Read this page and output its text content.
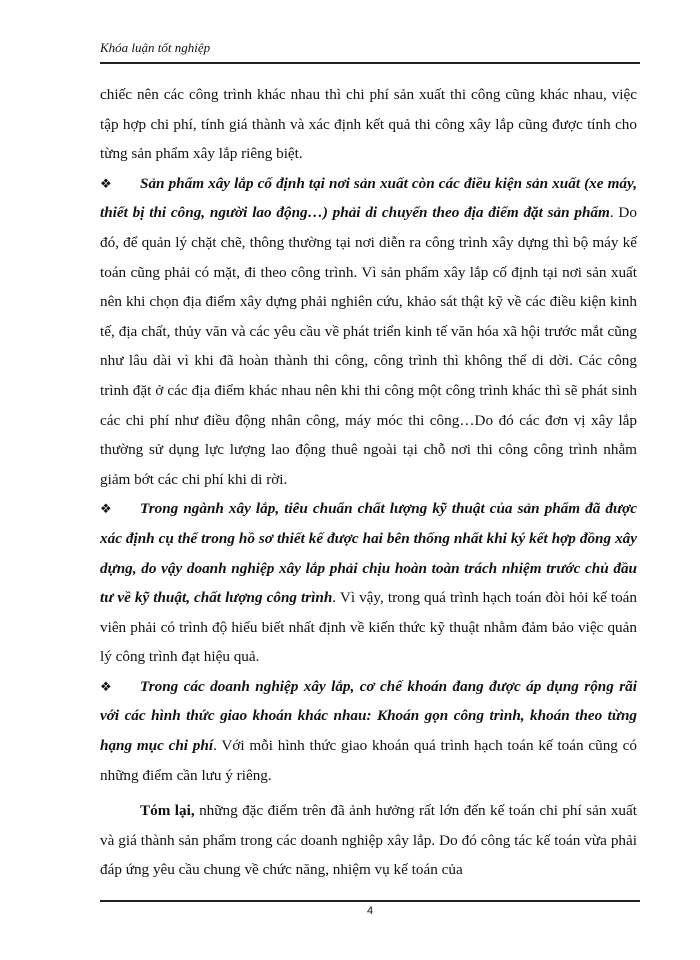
Khóa luận tốt nghiệp

chiếc nên các công trình khác nhau thì chi phí sản xuất thi công cũng khác nhau, việc tập hợp chi phí, tính giá thành và xác định kết quả thi công xây lắp cũng được tính cho từng sản phẩm xây lắp riêng biệt.

❖ Sản phẩm xây lắp cố định tại nơi sản xuất còn các điều kiện sản xuất (xe máy, thiết bị thi công, người lao động…) phải di chuyển theo địa điểm đặt sản phẩm. Do đó, để quản lý chặt chẽ, thông thường tại nơi diễn ra công trình xây dựng thì bộ máy kế toán cũng phải có mặt, đi theo công trình. Vì sản phẩm xây lắp cố định tại nơi sản xuất nên khi chọn địa điểm xây dựng phải nghiên cứu, khảo sát thật kỹ về các điều kiện kinh tế, địa chất, thủy văn và các yêu cầu về phát triển kinh tế văn hóa xã hội trước mắt cũng như lâu dài vì khi đã hoàn thành thi công, công trình thì không thể di dời. Các công trình đặt ở các địa điểm khác nhau nên khi thi công một công trình khác thì sẽ phát sinh các chi phí như điều động nhân công, máy móc thi công…Do đó các đơn vị xây lắp thường sử dụng lực lượng lao động thuê ngoài tại chỗ nơi thi công công trình nhằm giảm bớt các chi phí khi di rời.

❖ Trong ngành xây lắp, tiêu chuẩn chất lượng kỹ thuật của sản phẩm đã được xác định cụ thể trong hồ sơ thiết kế được hai bên thống nhất khi ký kết hợp đồng xây dựng, do vậy doanh nghiệp xây lắp phải chịu hoàn toàn trách nhiệm trước chủ đầu tư về kỹ thuật, chất lượng công trình. Vì vậy, trong quá trình hạch toán đòi hỏi kế toán viên phải có trình độ hiểu biết nhất định về kiến thức kỹ thuật nhằm đảm bảo việc quản lý công trình đạt hiệu quả.

❖ Trong các doanh nghiệp xây lắp, cơ chế khoán đang được áp dụng rộng rãi với các hình thức giao khoán khác nhau: Khoán gọn công trình, khoán theo từng hạng mục chi phí. Với mỗi hình thức giao khoán quá trình hạch toán kế toán cũng có những điểm cần lưu ý riêng.

Tóm lại, những đặc điểm trên đã ảnh hưởng rất lớn đến kế toán chi phí sản xuất và giá thành sản phẩm trong các doanh nghiệp xây lắp. Do đó công tác kế toán vừa phải đáp ứng yêu cầu chung về chức năng, nhiệm vụ kế toán của

4
